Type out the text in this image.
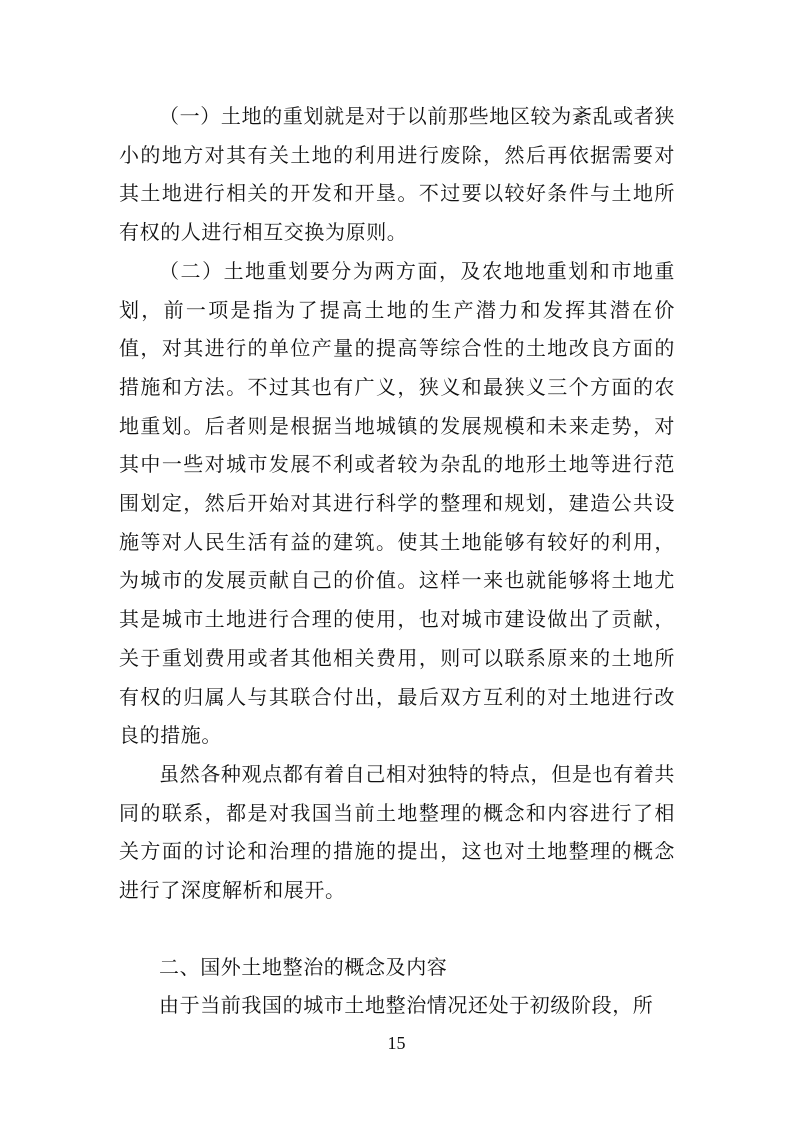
（一）土地的重划就是对于以前那些地区较为紊乱或者狭小的地方对其有关土地的利用进行废除，然后再依据需要对其土地进行相关的开发和开垦。不过要以较好条件与土地所有权的人进行相互交换为原则。

（二）土地重划要分为两方面，及农地地重划和市地重划，前一项是指为了提高土地的生产潜力和发挥其潜在价值，对其进行的单位产量的提高等综合性的土地改良方面的措施和方法。不过其也有广义，狭义和最狭义三个方面的农地重划。后者则是根据当地城镇的发展规模和未来走势，对其中一些对城市发展不利或者较为杂乱的地形土地等进行范围划定，然后开始对其进行科学的整理和规划，建造公共设施等对人民生活有益的建筑。使其土地能够有较好的利用，为城市的发展贡献自己的价值。这样一来也就能够将土地尤其是城市土地进行合理的使用，也对城市建设做出了贡献，关于重划费用或者其他相关费用，则可以联系原来的土地所有权的归属人与其联合付出，最后双方互利的对土地进行改良的措施。

虽然各种观点都有着自己相对独特的特点，但是也有着共同的联系，都是对我国当前土地整理的概念和内容进行了相关方面的讨论和治理的措施的提出，这也对土地整理的概念进行了深度解析和展开。

二、国外土地整治的概念及内容

由于当前我国的城市土地整治情况还处于初级阶段，所

15
